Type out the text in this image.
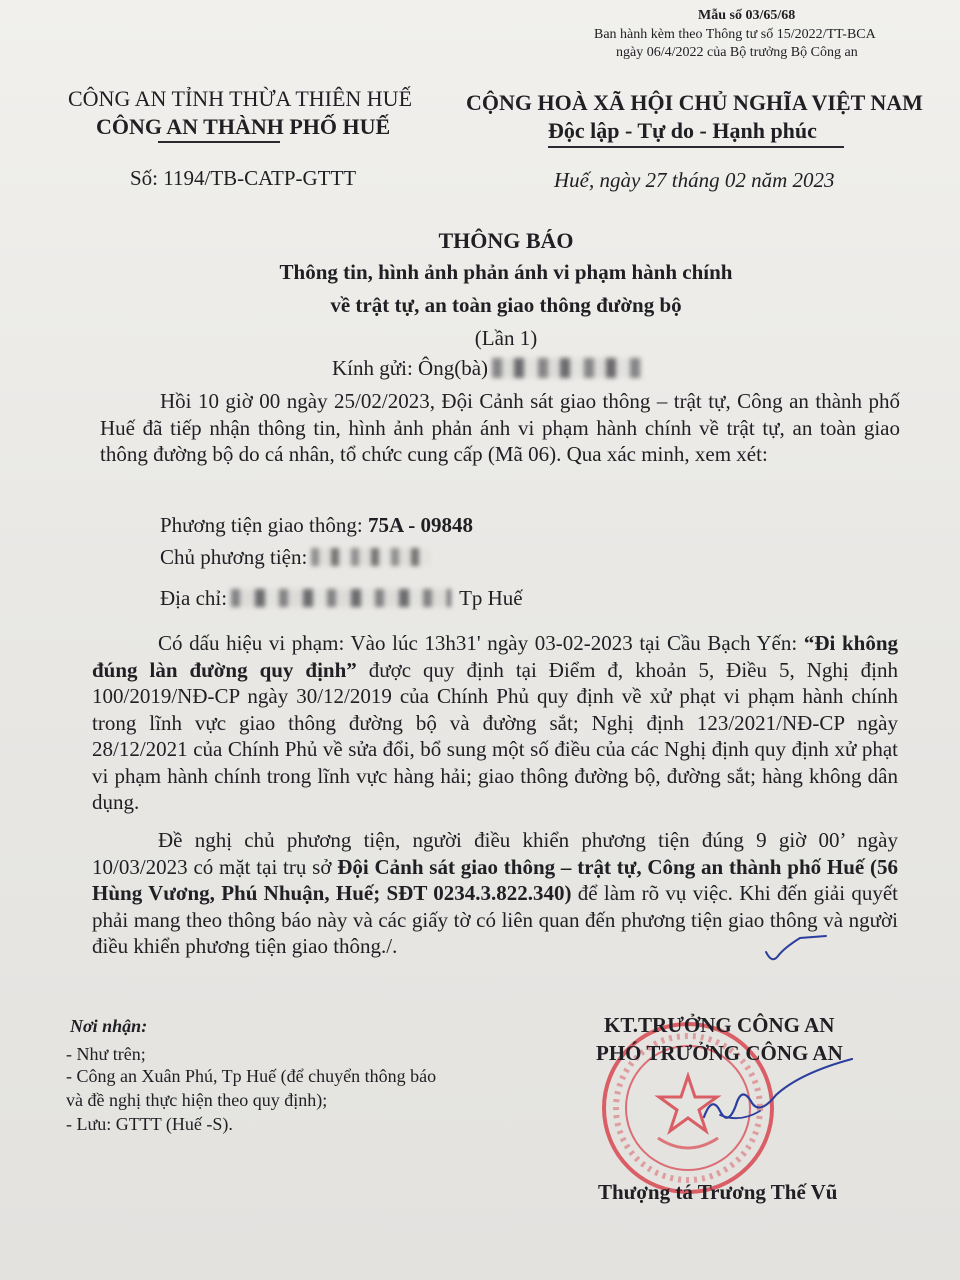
Mẫu số 03/65/68
Ban hành kèm theo Thông tư số 15/2022/TT-BCA
ngày 06/4/2022 của Bộ trưởng Bộ Công an
CÔNG AN TỈNH THỪA THIÊN HUẾ
CÔNG AN THÀNH PHỐ HUẾ
CỘNG HOÀ XÃ HỘI CHỦ NGHĨA VIỆT NAM
Độc lập - Tự do - Hạnh phúc
Số: 1194/TB-CATP-GTTT	Huế, ngày 27 tháng 02 năm 2023
THÔNG BÁO
Thông tin, hình ảnh phản ánh vi phạm hành chính
về trật tự, an toàn giao thông đường bộ
(Lần 1)
Kính gửi: Ông(bà)
Hồi 10 giờ 00 ngày 25/02/2023, Đội Cảnh sát giao thông – trật tự, Công an thành phố Huế đã tiếp nhận thông tin, hình ảnh phản ánh vi phạm hành chính về trật tự, an toàn giao thông đường bộ do cá nhân, tổ chức cung cấp (Mã 06). Qua xác minh, xem xét:
Phương tiện giao thông: 75A - 09848
Chủ phương tiện:
Địa chỉ:	Tp Huế
Có dấu hiệu vi phạm: Vào lúc 13h31' ngày 03-02-2023 tại Cầu Bạch Yến: “Đi không đúng làn đường quy định” được quy định tại Điểm đ, khoản 5, Điều 5, Nghị định 100/2019/NĐ-CP ngày 30/12/2019 của Chính Phủ quy định về xử phạt vi phạm hành chính trong lĩnh vực giao thông đường bộ và đường sắt; Nghị định 123/2021/NĐ-CP ngày 28/12/2021 của Chính Phủ về sửa đổi, bổ sung một số điều của các Nghị định quy định xử phạt vi phạm hành chính trong lĩnh vực hàng hải; giao thông đường bộ, đường sắt; hàng không dân dụng.
Đề nghị chủ phương tiện, người điều khiển phương tiện đúng 9 giờ 00’ ngày 10/03/2023 có mặt tại trụ sở Đội Cảnh sát giao thông – trật tự, Công an thành phố Huế (56 Hùng Vương, Phú Nhuận, Huế; SĐT 0234.3.822.340) để làm rõ vụ việc. Khi đến giải quyết phải mang theo thông báo này và các giấy tờ có liên quan đến phương tiện giao thông và người điều khiển phương tiện giao thông./.
Nơi nhận:
- Như trên;
- Công an Xuân Phú, Tp Huế (để chuyển thông báo
và đề nghị thực hiện theo quy định);
- Lưu: GTTT (Huế -S).
KT.TRƯỞNG CÔNG AN
PHÓ TRƯỞNG CÔNG AN
Thượng tá Trương Thế Vũ
